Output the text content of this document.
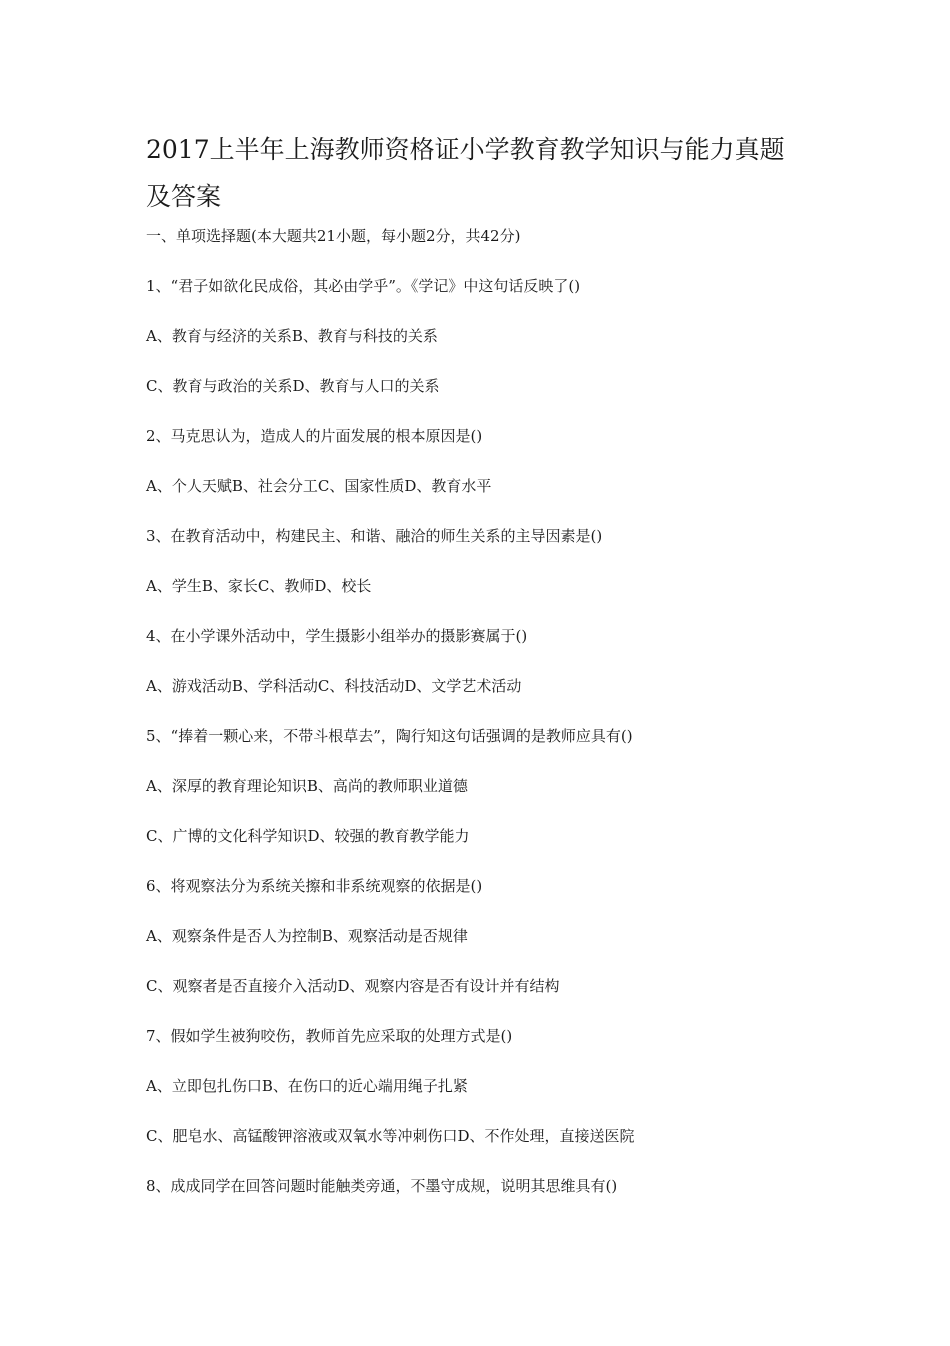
2017上半年上海教师资格证小学教育教学知识与能力真题
及答案

一、单项选择题(本大题共21小题，每小题2分，共42分)

1、“君子如欲化民成俗，其必由学乎”。《学记》中这句话反映了()

A、教育与经济的关系B、教育与科技的关系

C、教育与政治的关系D、教育与人口的关系

2、马克思认为，造成人的片面发展的根本原因是()

A、个人天赋B、社会分工C、国家性质D、教育水平

3、在教育活动中，构建民主、和谐、融洽的师生关系的主导因素是()

A、学生B、家长C、教师D、校长

4、在小学课外活动中，学生摄影小组举办的摄影赛属于()

A、游戏活动B、学科活动C、科技活动D、文学艺术活动

5、“捧着一颗心来，不带斗根草去”，陶行知这句话强调的是教师应具有()

A、深厚的教育理论知识B、高尚的教师职业道德

C、广博的文化科学知识D、较强的教育教学能力

6、将观察法分为系统关擦和非系统观察的依据是()

A、观察条件是否人为控制B、观察活动是否规律

C、观察者是否直接介入活动D、观察内容是否有设计并有结构

7、假如学生被狗咬伤，教师首先应采取的处理方式是()

A、立即包扎伤口B、在伤口的近心端用绳子扎紧

C、肥皂水、高锰酸钾溶液或双氧水等冲刺伤口D、不作处理，直接送医院

8、成成同学在回答问题时能触类旁通，不墨守成规，说明其思维具有()
